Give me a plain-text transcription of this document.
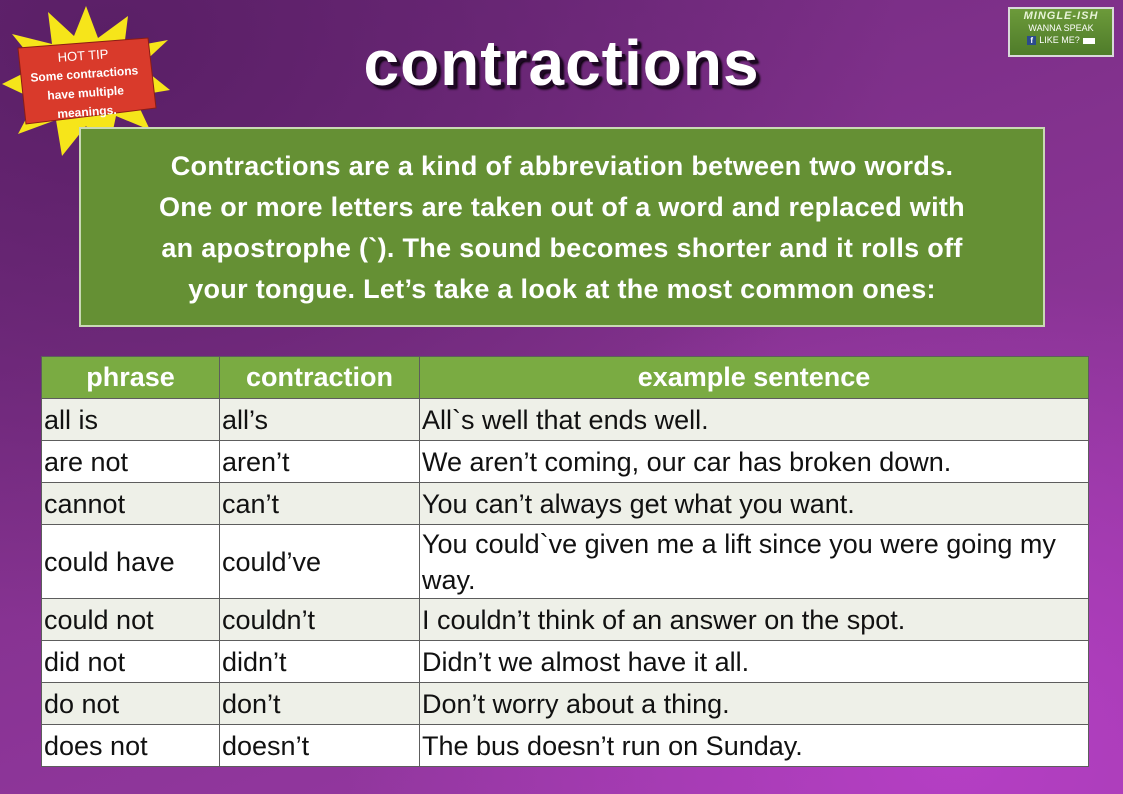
HOT TIP
Some contractions
have multiple
meanings.
contractions
MINGLE-ISH
WANNA SPEAK
f LIKE ME?
Contractions are a kind of abbreviation between two words.
One or more letters are taken out of a word and replaced with
an apostrophe (`). The sound becomes shorter and it rolls off
your tongue. Let’s take a look at the most common ones:
phrase	contraction	example sentence
all is	all’s	All`s well that ends well.
are not	aren’t	We aren’t coming, our car has broken down.
cannot	can’t	You can’t always get what you want.
could have	could’ve	You could`ve given me a lift since you were going my way.
could not	couldn’t	I couldn’t think of an answer on the spot.
did not	didn’t	Didn’t we almost have it all.
do not	don’t	Don’t worry about a thing.
does not	doesn’t	The bus doesn’t run on Sunday.
